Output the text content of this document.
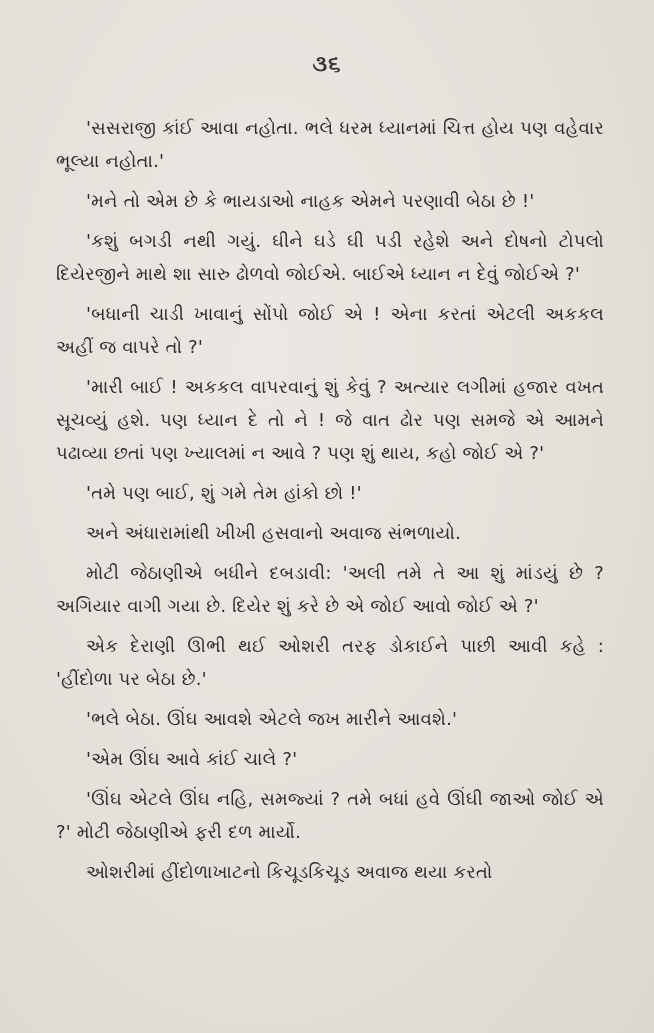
૩૬

'સસરાજી કાંઈ આવા નહોતા. ભલે ધરમ ધ્યાનમાં ચિત્ત હોય પણ વહેવાર ભૂલ્યા નહોતા.'

'મને તો એમ છે કે ભાયડાઓ નાહક એમને પરણાવી બેઠા છે !'

'કશું બગડી નથી ગયું. ઘીને ઘડે ઘી પડી રહેશે અને દોષનો ટોપલો દિયેરજીને માથે શા સારુ ઢોળવો જોઈએ. બાઈએ ધ્યાન ન દેવું જોઈએ ?'

'બધાની ચાડી ખાવાનું સોંપો જોઈ એ ! એના કરતાં એટલી અકકલ અહીં જ વાપરે તો ?'

'મારી બાઈ ! અકકલ વાપરવાનું શું કેવું ? અત્યાર લગીમાં હજાર વખત સૂચવ્યું હશે. પણ ધ્યાન દે તો ને ! જે વાત ઢોર પણ સમજે એ આમને પઢાવ્યા છતાં પણ ખ્યાલમાં ન આવે ? પણ શું થાય, કહો જોઈ એ ?'

'તમે પણ બાઈ, શું ગમે તેમ હાંકો છો !'

અને અંધારામાંથી ખીખી હસવાનો અવાજ સંભળાયો.

મોટી જેઠાણીએ બધીને દબડાવી: 'અલી તમે તે આ શું માંડયું છે ? અગિયાર વાગી ગયા છે. દિયેર શું કરે છે એ જોઈ આવો જોઈ એ ?'

એક દેરાણી ઊભી થઈ ઓશરી તરફ ડોકાઈને પાછી આવી કહે : 'હીંદોળા પર બેઠા છે.'

'ભલે બેઠા. ઊંઘ આવશે એટલે જખ મારીને આવશે.'

'એમ ઊંઘ આવે કાંઈ ચાલે ?'

'ઊંઘ એટલે ઊંઘ નહિ, સમજ્યાં ? તમે બધાં હવે ઊંઘી જાઓ જોઈ એ ?' મોટી જેઠાણીએ ફરી દળ માર્યો.

ઓશરીમાં હીંદોળાખાટનો કિચૂડકિચૂડ અવાજ થયા કરતો
